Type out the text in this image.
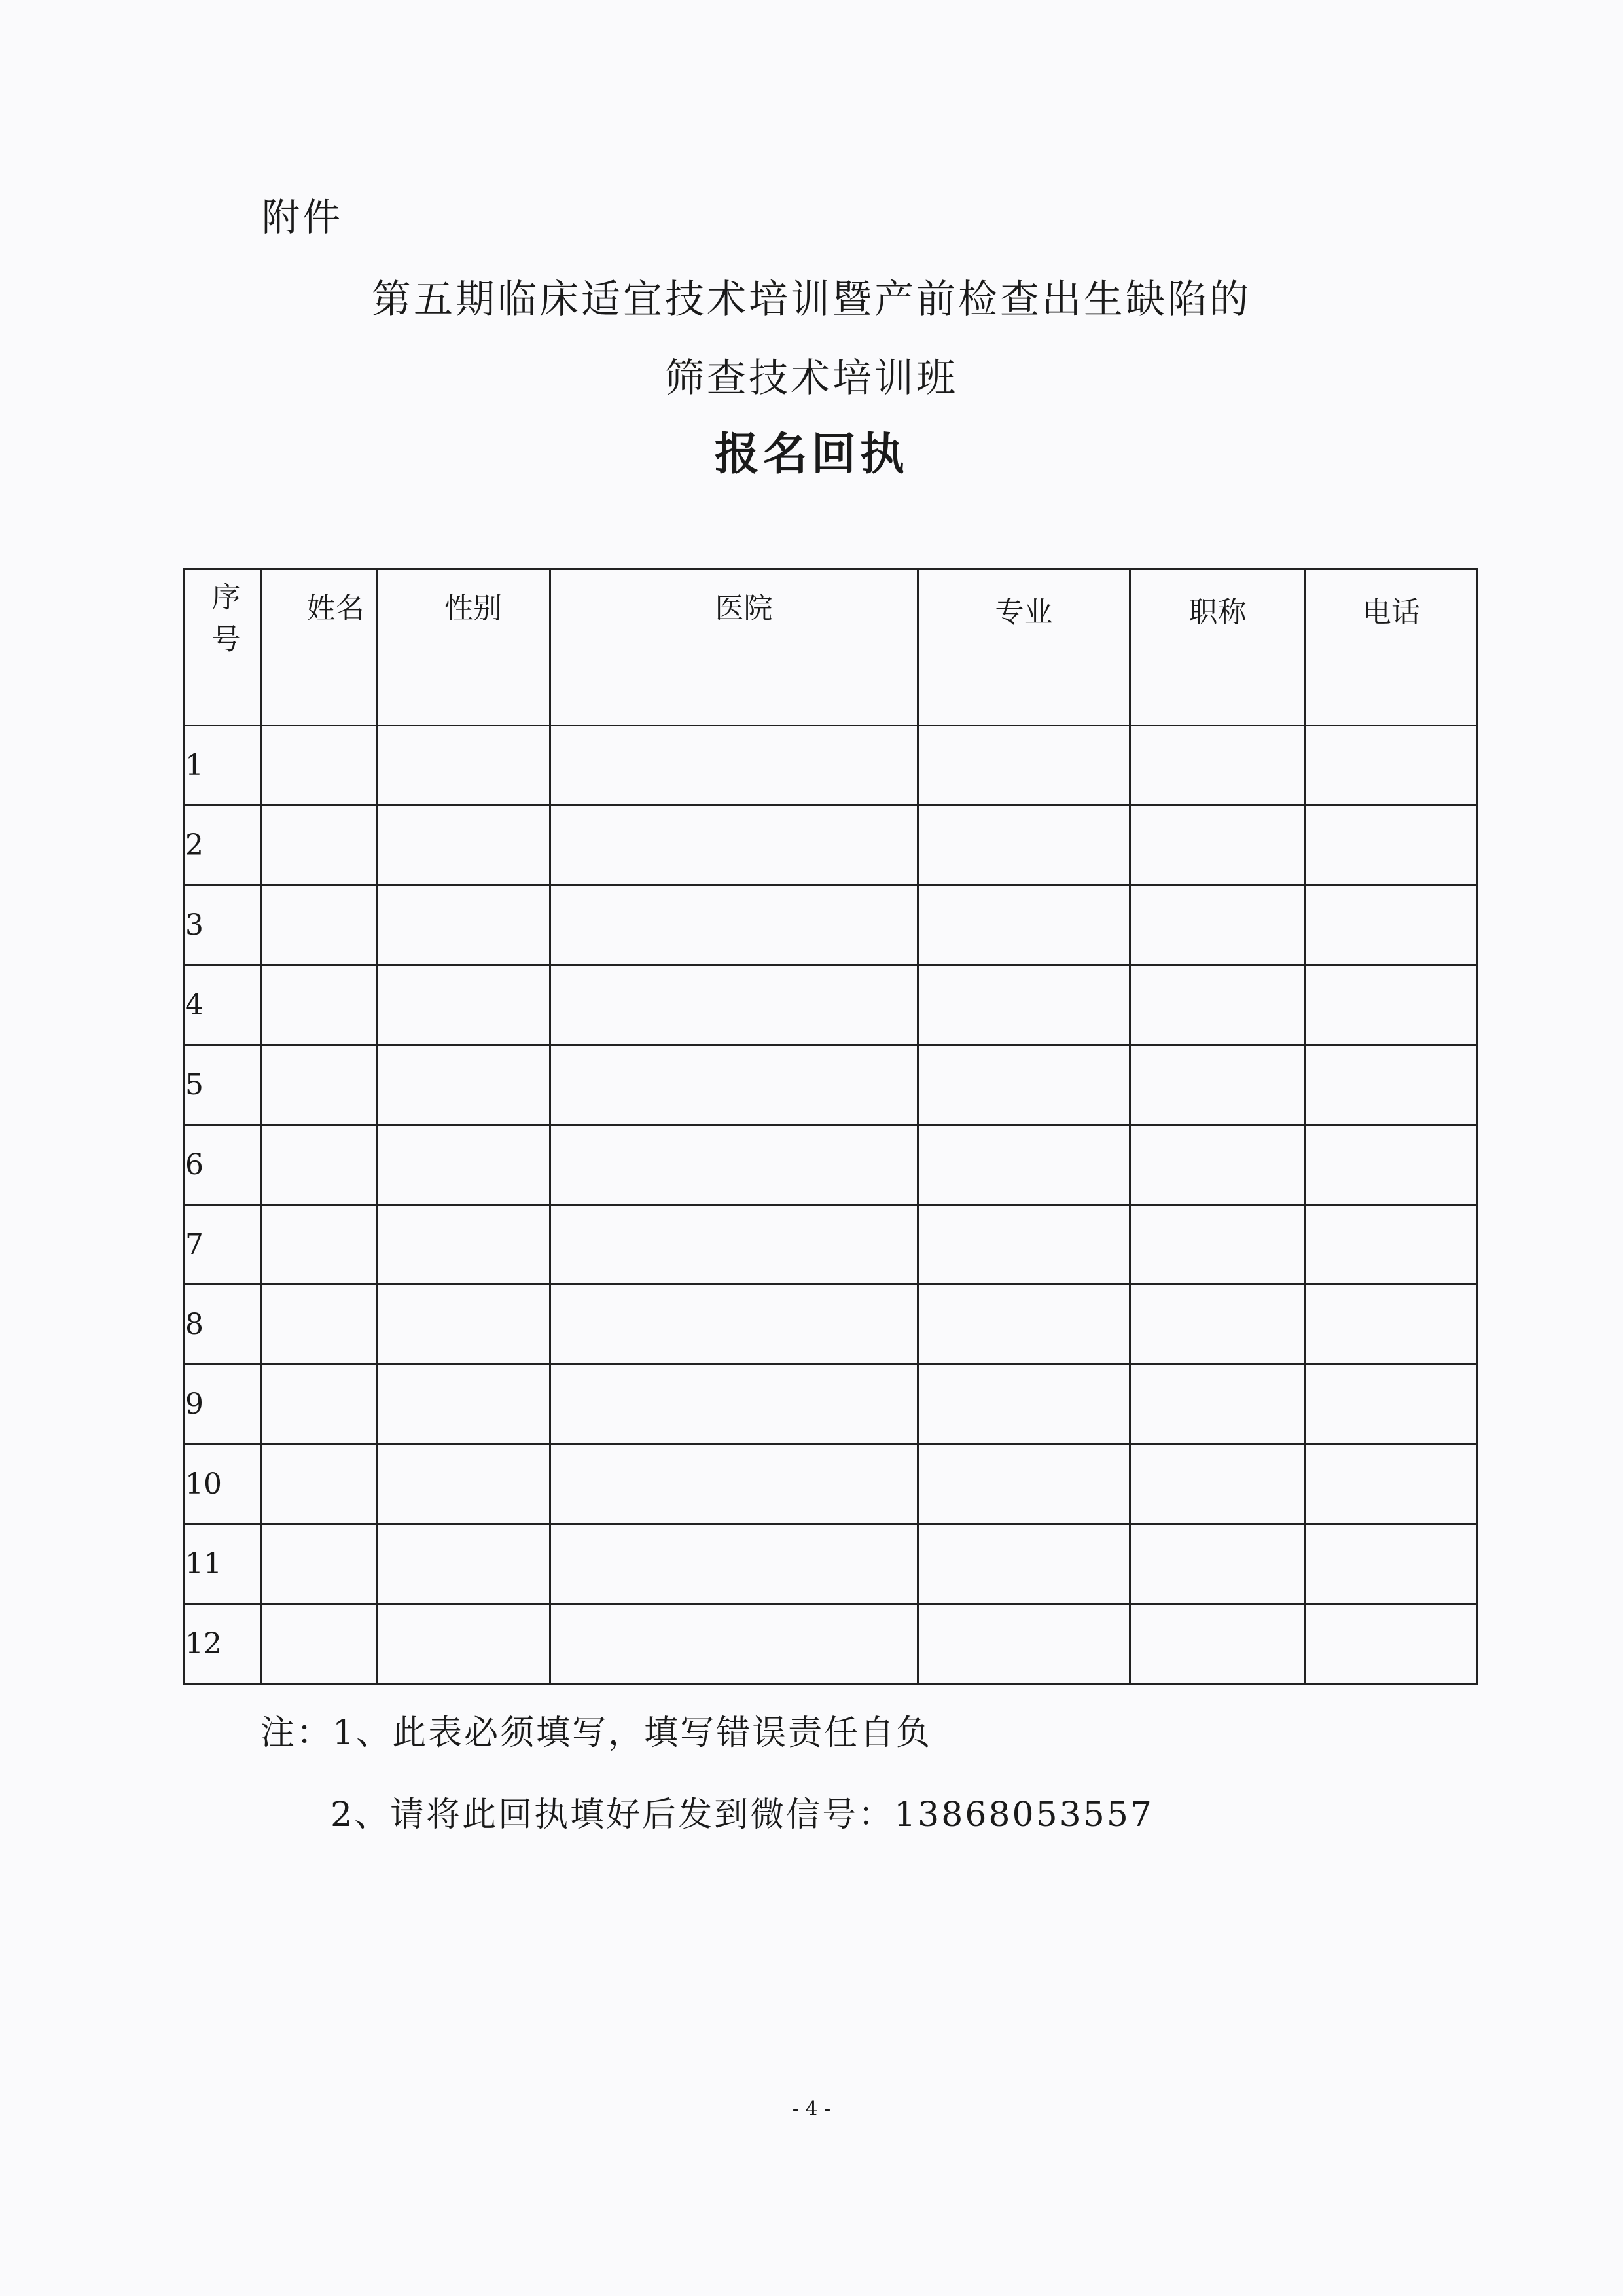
附件
第五期临床适宜技术培训暨产前检查出生缺陷的
筛查技术培训班
报名回执
序号	姓名	性别	医院	专业	职称	电话

1						
2						
3						
4						
5						
6						
7						
8						
9						
10						
11						
12						
注：1、此表必须填写，填写错误责任自负
2、请将此回执填好后发到微信号：13868053557
- 4 -
